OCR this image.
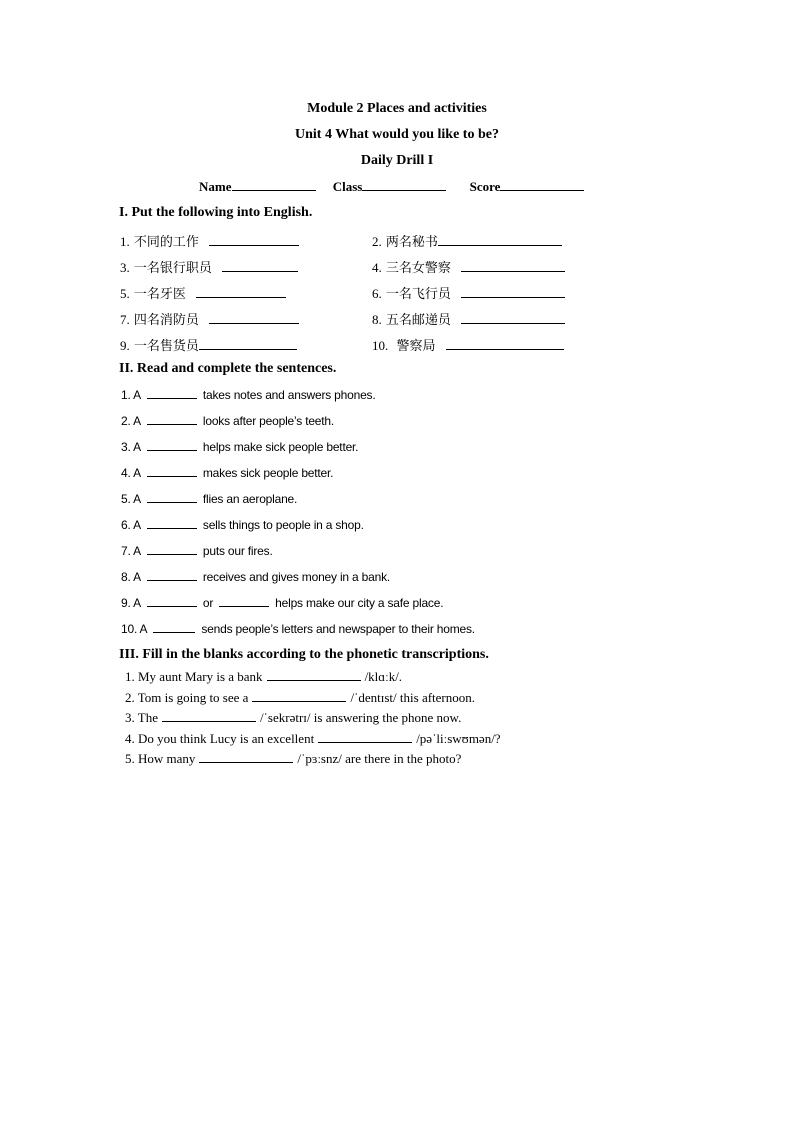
Module 2 Places and activities
Unit 4 What would you like to be?
Daily Drill I
Name	Class	Score
I. Put the following into English.
1. 不同的工作	2. 两名秘书
3. 一名银行职员	4. 三名女警察
5. 一名牙医	6. 一名飞行员
7. 四名消防员	8. 五名邮递员
9. 一名售货员	10. 警察局
II. Read and complete the sentences.
1. A	takes notes and answers phones.
2. A	looks after people’s teeth.
3. A	helps make sick people better.
4. A	makes sick people better.
5. A	flies an aeroplane.
6. A	sells things to people in a shop.
7. A	puts our fires.
8. A	receives and gives money in a bank.
9. A	or	helps make our city a safe place.
10. A	sends people’s letters and newspaper to their homes.
III. Fill in the blanks according to the phonetic transcriptions.
1. My aunt Mary is a bank	/klɑːk/.
2. Tom is going to see a	/ˈdentɪst/ this afternoon.
3. The	/ˈsekrətrɪ/ is answering the phone now.
4. Do you think Lucy is an excellent	/pəˈliːswʊmən/?
5. How many	/ˈpɜːsnz/ are there in the photo?
